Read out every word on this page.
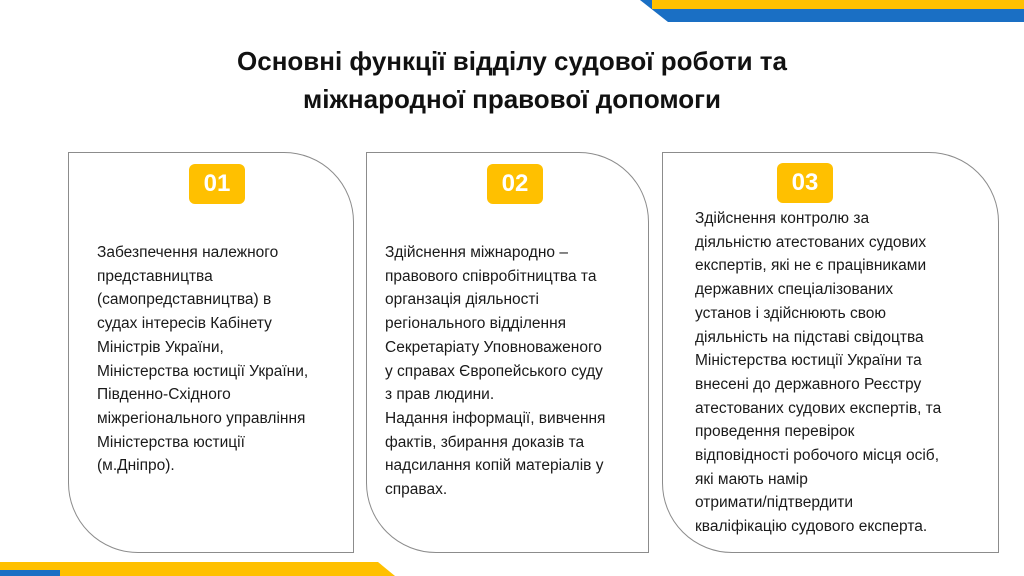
Основні функції відділу судової роботи та
міжнародної правової допомоги
01
Забезпечення належного
представництва
(самопредставництва) в
судах інтересів Кабінету
Міністрів України,
Міністерства юстиції України,
Південно-Східного
міжрегіонального управління
Міністерства юстиції
(м.Дніпро).
02
Здійснення міжнародно –
правового співробітництва та
органзація діяльності
регіонального відділення
Секретаріату Уповноваженого
у справах Європейського суду
з прав людини.
Надання інформації, вивчення
фактів, збирання доказів та
надсилання копій матеріалів у
справах.
03
Здійснення контролю за
діяльністю атестованих судових
експертів, які не є працівниками
державних спеціалізованих
установ і здійснюють свою
діяльність на підставі свідоцтва
Міністерства юстиції України та
внесені до державного Реєстру
атестованих судових експертів, та
проведення перевірок
відповідності робочого місця осіб,
які мають намір
отримати/підтвердити
кваліфікацію судового експерта.
